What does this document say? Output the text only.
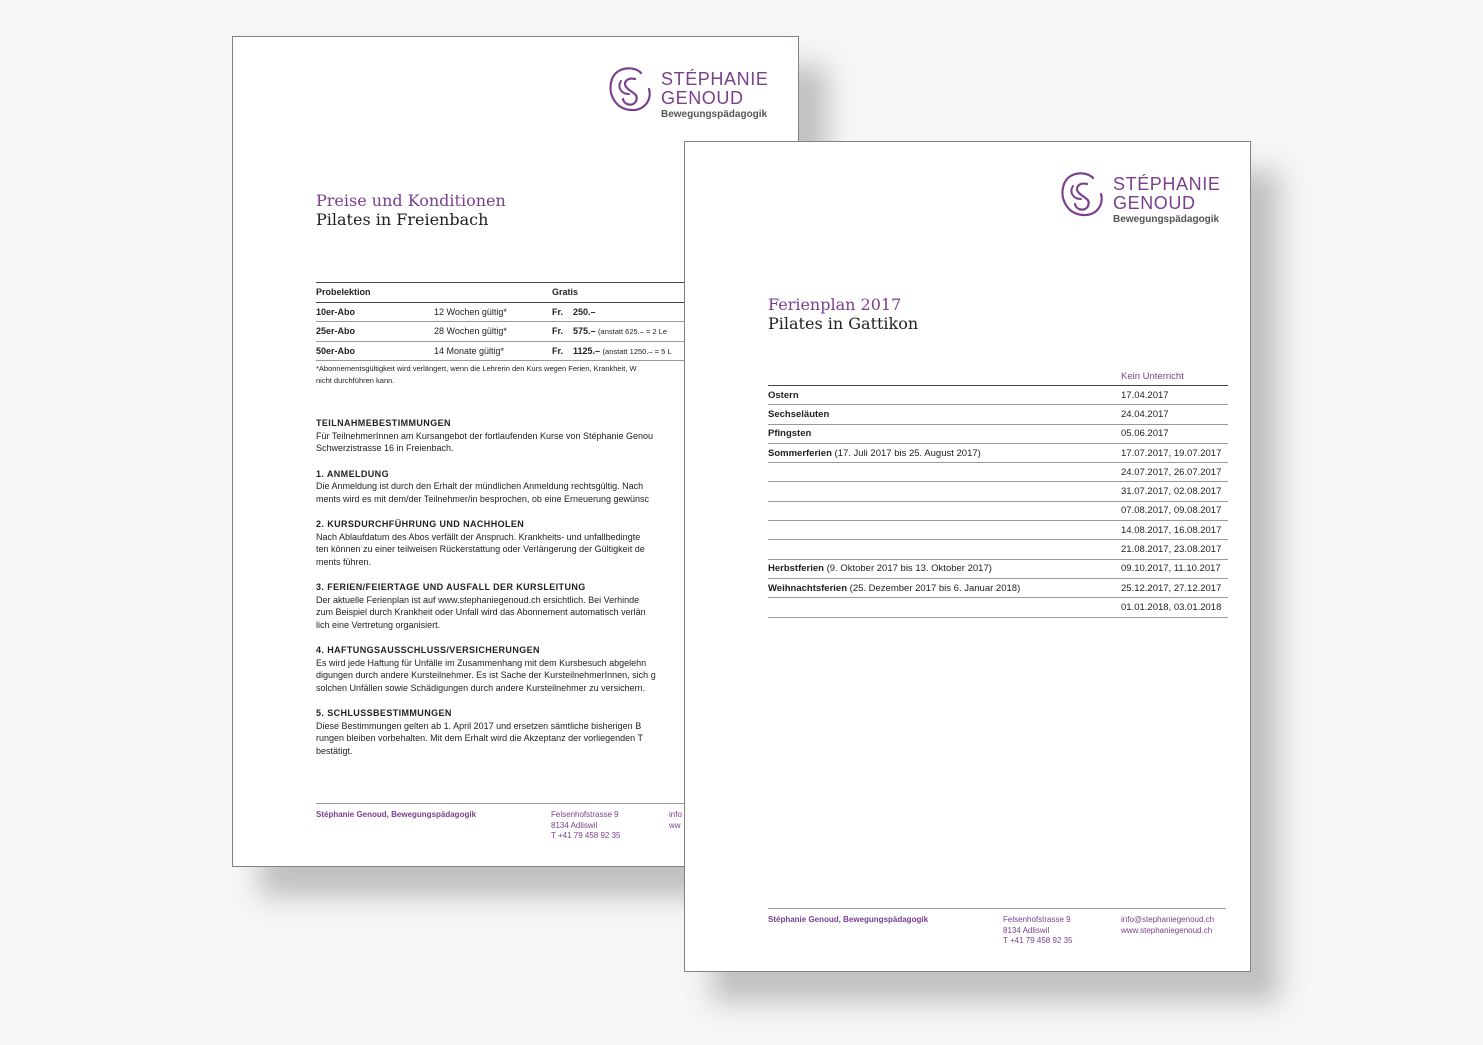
STÉPHANIE
GENOUD
Bewegungspädagogik
Preise und Konditionen
Pilates in Freienbach
Probelektion	Gratis
10er-Abo 12 Wochen gültig*	Fr. 250.–
25er-Abo 28 Wochen gültig*	Fr. 575.– (anstatt 625.– = 2 Le
50er-Abo 14 Monate gültig*	Fr. 1125.– (anstatt 1250.– = 5 L
*Abonnementsgültigkeit wird verlängert, wenn die Lehrerin den Kurs wegen Ferien, Krankheit, W
nicht durchführen kann.
TEILNAHMEBESTIMMUNGEN

Für TeilnehmerInnen am Kursangebot der fortlaufenden Kurse von Stéphanie Genou
Schwerzistrasse 16 in Freienbach.

1. ANMELDUNG

Die Anmeldung ist durch den Erhalt der mündlichen Anmeldung rechtsgültig. Nach
ments wird es mit dem/der Teilnehmer/in besprochen, ob eine Erneuerung gewünsc

2. KURSDURCHFÜHRUNG UND NACHHOLEN

Nach Ablaufdatum des Abos verfällt der Anspruch. Krankheits- und unfallbedingte
ten können zu einer teilweisen Rückerstattung oder Verlängerung der Gültigkeit de
ments führen.

3. FERIEN/FEIERTAGE UND AUSFALL DER KURSLEITUNG

Der aktuelle Ferienplan ist auf www.stephaniegenoud.ch ersichtlich. Bei Verhinde
zum Beispiel durch Krankheit oder Unfall wird das Abonnement automatisch verlän
lich eine Vertretung organisiert.

4. HAFTUNGSAUSSCHLUSS/VERSICHERUNGEN

Es wird jede Haftung für Unfälle im Zusammenhang mit dem Kursbesuch abgelehn
digungen durch andere Kursteilnehmer. Es ist Sache der KursteilnehmerInnen, sich g
solchen Unfällen sowie Schädigungen durch andere Kursteilnehmer zu versichern.

5. SCHLUSSBESTIMMUNGEN

Diese Bestimmungen gelten ab 1. April 2017 und ersetzen sämtliche bisherigen B
rungen bleiben vorbehalten. Mit dem Erhalt wird die Akzeptanz der vorliegenden T
bestätigt.

Stéphanie Genoud, Bewegungspädagogik	Felsenhofstrasse 9
8134 Adliswil
T +41 79 458 92 35
info
ww
STÉPHANIE
GENOUD
Bewegungspädagogik
Ferienplan 2017
Pilates in Gattikon
Kein Unterricht
Ostern	17.04.2017
Sechseläuten	24.04.2017
Pfingsten	05.06.2017
Sommerferien (17. Juli 2017 bis 25. August 2017)	17.07.2017, 19.07.2017
	24.07.2017, 26.07.2017
	31.07.2017, 02.08.2017
	07.08.2017, 09.08.2017
	14.08.2017, 16.08.2017
	21.08.2017, 23.08.2017
Herbstferien (9. Oktober 2017 bis 13. Oktober 2017)	09.10.2017, 11.10.2017
Weihnachtsferien (25. Dezember 2017 bis 6. Januar 2018)	25.12.2017, 27.12.2017
	01.01.2018, 03.01.2018
Stéphanie Genoud, Bewegungspädagogik	Felsenhofstrasse 9
8134 Adliswil
T +41 79 458 92 35
info@stephaniegenoud.ch
www.stephaniegenoud.ch
